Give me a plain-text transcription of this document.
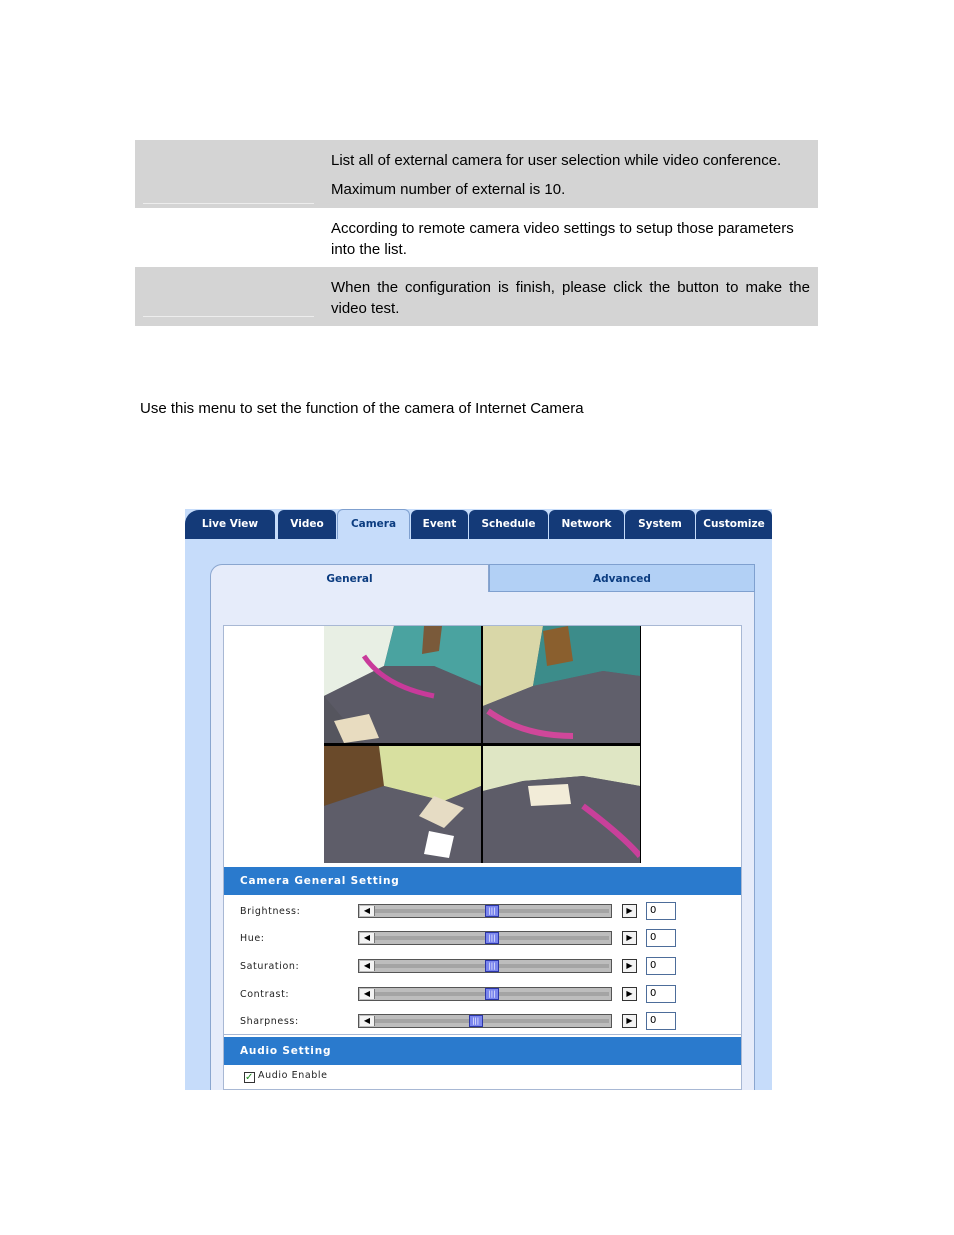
List all of external camera for user selection while video conference.
Maximum number of external is 10.
According to remote camera video settings to setup those parameters into the list.
When the configuration is finish, please click the button to make the video test.
Use this menu to set the function of the camera of Internet Camera
Live View	Video	Camera	Event	Schedule	Network	System	Customize
General	Advanced
Camera General Setting
Brightness:	◀	|||	▶	0
Hue:	◀	|||	▶	0
Saturation:	◀	|||	▶	0
Contrast:	◀	|||	▶	0
Sharpness:	◀	|||	▶	0
Audio Setting
✓ Audio Enable
